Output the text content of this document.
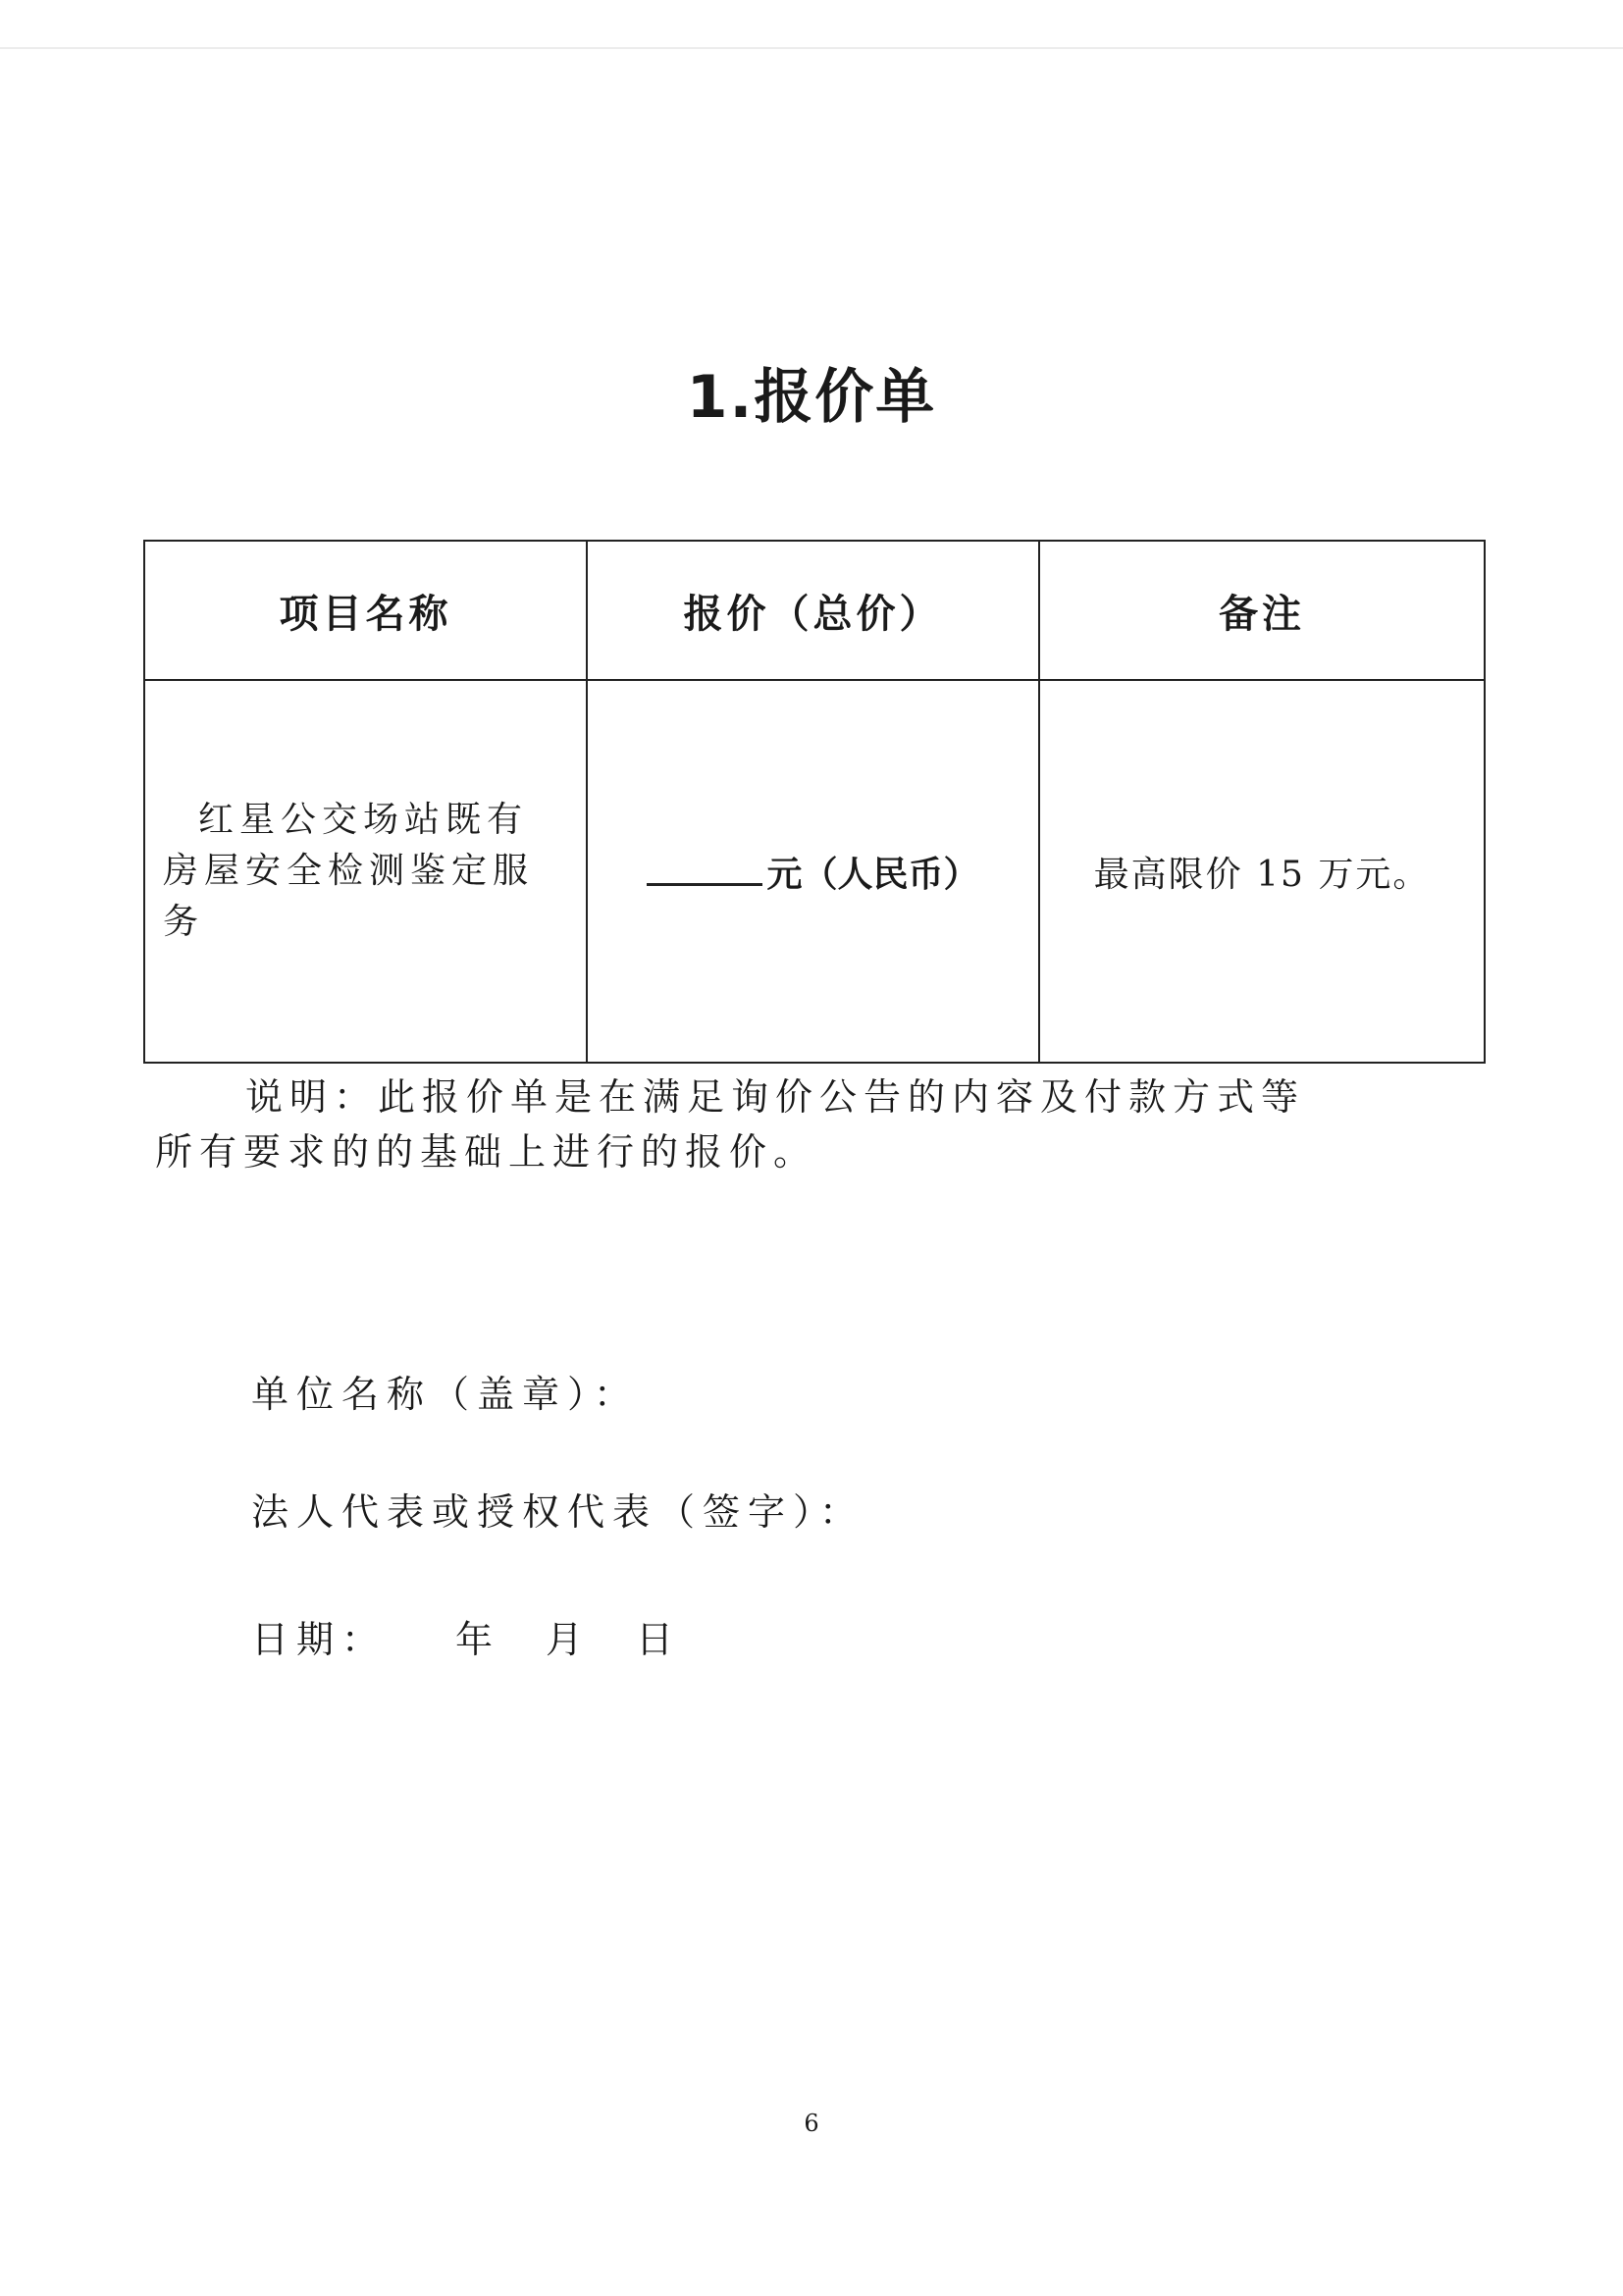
1.报价单
项目名称	报价（总价）	备注

红星公交场站既有房屋安全检测鉴定服务	元（人民币）	最高限价 15 万元。
说明：此报价单是在满足询价公告的内容及付款方式等
所有要求的的基础上进行的报价。
单位名称（盖章）：
法人代表或授权代表（签字）：
日期： 年 月 日
6
